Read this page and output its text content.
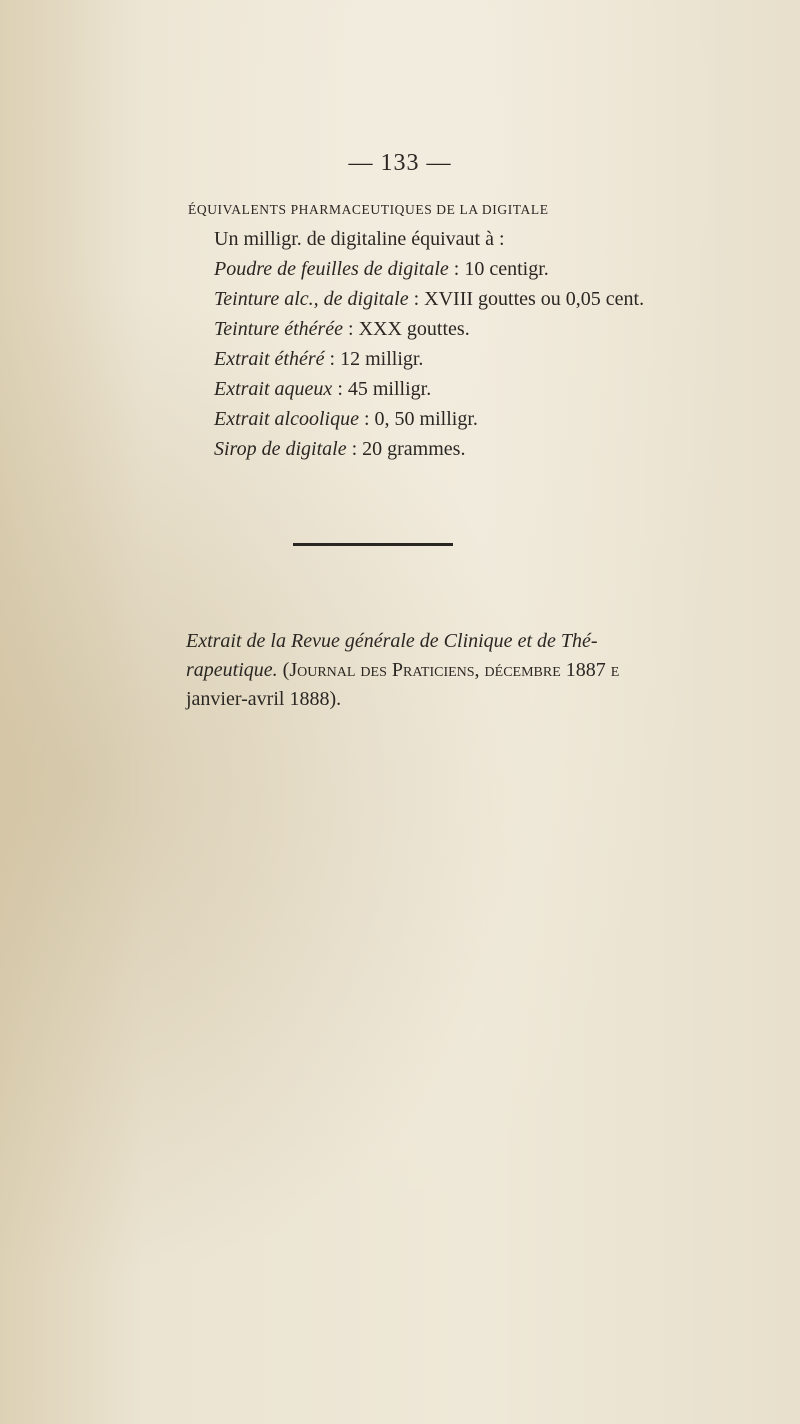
— 133 —
ÉQUIVALENTS PHARMACEUTIQUES DE LA DIGITALE
Un milligr. de digitaline équivaut à :
Poudre de feuilles de digitale : 10 centigr.
Teinture alc., de digitale : XVIII gouttes ou 0,05 cent.
Teinture éthérée : XXX gouttes.
Extrait éthéré : 12 milligr.
Extrait aqueux : 45 milligr.
Extrait alcoolique : 0, 50 milligr.
Sirop de digitale : 20 grammes.
Extrait de la Revue générale de Clinique et de Thé-
rapeutique. (Journal des Praticiens, décembre 1887 e
janvier-avril 1888).
